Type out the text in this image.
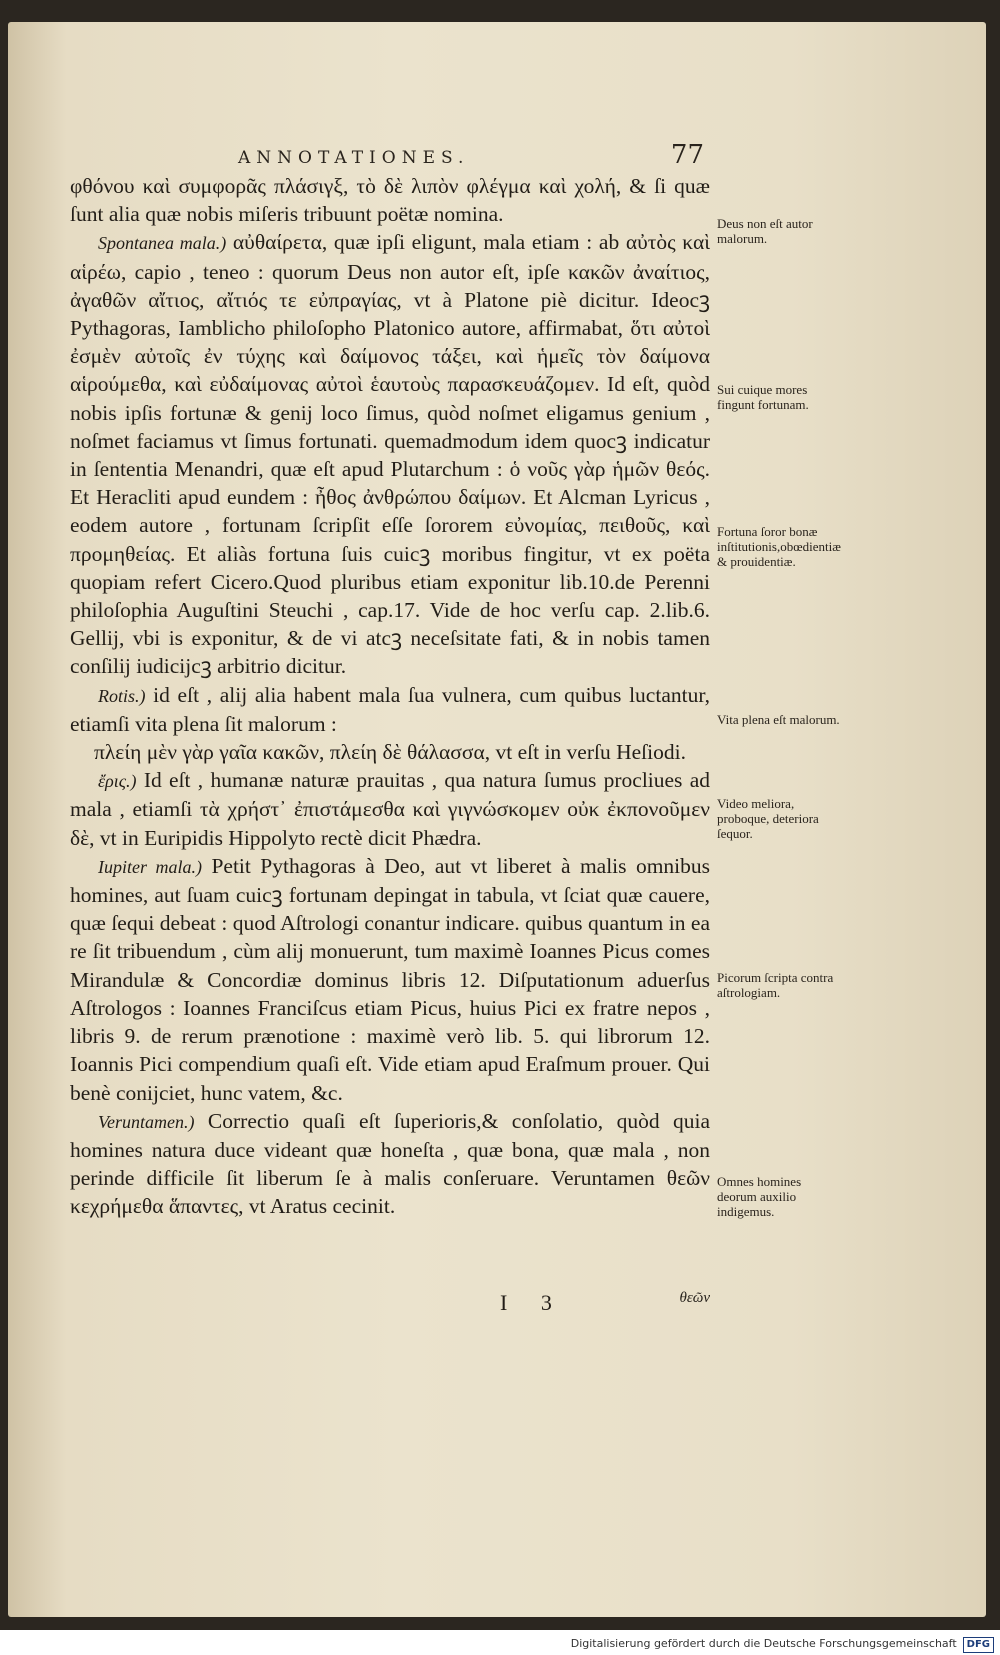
ANNOTATIONES.	77

φθόνου καὶ συμφορᾶς πλάσιγξ, τὸ δὲ λιπὸν φλέγμα καὶ χολή, & ſi quæ ſunt alia quæ nobis miſeris tribuunt poëtæ nomina.

Spontanea mala.) αὐθαίρετα, quæ ipſi eligunt, mala etiam : ab αὐτὸς καὶ αἱρέω, capio , teneo : quorum Deus non autor eſt, ipſe κακῶν ἀναίτιος, ἀγαθῶν αἴτιος, αἴτιός τε εὐπραγίας, vt à Platone piè dicitur. Ideocꝫ Pythagoras, Iamblicho philoſopho Platonico autore, affirmabat, ὅτι αὐτοὶ ἐσμὲν αὐτοῖς ἐν τύχης καὶ δαίμονος τάξει, καὶ ἡμεῖς τὸν δαίμονα αἱρούμεθα, καὶ εὐδαίμονας αὐτοὶ ἑαυτοὺς παρασκευάζομεν. Id eſt, quòd nobis ipſis fortunæ & genij loco ſimus, quòd noſmet eligamus genium , noſmet faciamus vt ſimus fortunati. quemadmodum idem quocꝫ indicatur in ſententia Menandri, quæ eſt apud Plutarchum : ὁ νοῦς γὰρ ἡμῶν θεός. Et Heracliti apud eundem : ἦθος ἀνθρώπου δαίμων. Et Alcman Lyricus , eodem autore , fortunam ſcripſit eſſe ſororem εὐνομίας, πειθοῦς, καὶ προμηθείας. Et aliàs fortuna ſuis cuicꝫ moribus fingitur, vt ex poëta quopiam refert Cicero.Quod pluribus etiam exponitur lib.10.de Perenni philoſophia Auguſtini Steuchi , cap.17. Vide de hoc verſu cap. 2.lib.6. Gellij, vbi is exponitur, & de vi atcꝫ neceſsitate fati, & in nobis tamen conſilij iudicijcꝫ arbitrio dicitur.

Rotis.) id eſt , alij alia habent mala ſua vulnera, cum quibus luctantur, etiamſi vita plena ſit malorum :

πλείη μὲν γὰρ γαῖα κακῶν, πλείη δὲ θάλασσα, vt eſt in verſu Heſiodi.

ἔρις.) Id eſt , humanæ naturæ prauitas , qua natura ſumus procliues ad mala , etiamſi τὰ χρήστ᾽ ἐπιστάμεσθα καὶ γιγνώσκομεν οὐκ ἐκπονοῦμεν δὲ, vt in Euripidis Hippolyto rectè dicit Phædra.

Iupiter mala.) Petit Pythagoras à Deo, aut vt liberet à malis omnibus homines, aut ſuam cuicꝫ fortunam depingat in tabula, vt ſciat quæ cauere, quæ ſequi debeat : quod Aſtrologi conantur indicare. quibus quantum in ea re ſit tribuendum , cùm alij monuerunt, tum maximè Ioannes Picus comes Mirandulæ & Concordiæ dominus libris 12. Diſputationum aduerſus Aſtrologos : Ioannes Franciſcus etiam Picus, huius Pici ex fratre nepos , libris 9. de rerum prænotione : maximè verò lib. 5. qui librorum 12. Ioannis Pici compendium quaſi eſt. Vide etiam apud Eraſmum prouer. Qui benè conijciet, hunc vatem, &c.

Veruntamen.) Correctio quaſi eſt ſuperioris,& conſolatio, quòd quia homines natura duce videant quæ honeſta , quæ bona, quæ mala , non perinde difficile ſit liberum ſe à malis conſeruare. Veruntamen θεῶν κεχρήμεθα ἅπαντες, vt Aratus cecinit.

Deus non eſt autor malorum.
Sui cuique mores fingunt fortunam.
Fortuna ſoror bonæ inſtitutionis,obœdientiæ & prouidentiæ.
Vita plena eſt malorum.
Video meliora, proboque, deteriora ſequor.
Picorum ſcripta contra aſtrologiam.
Omnes homines deorum auxilio indigemus.
I 3	θεῶν
Digitalisierung gefördert durch die Deutsche Forschungsgemeinschaft DFG
